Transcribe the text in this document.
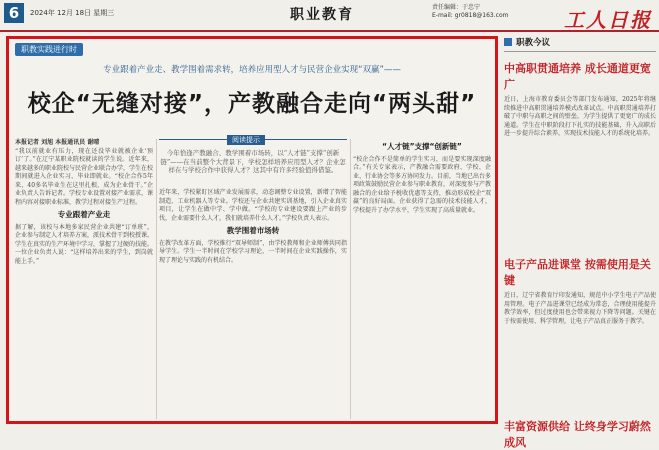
6	2024年 12月 18日 星期三	职业教育	责任编辑：于忠宁
E-mail: gr0818@163.com	工人日报
职教实践进行时
专业跟着产业走、教学围着需求转，培养应用型人才与民营企业实现“双赢”——
校企“无缝对接”，产教融合走向“两头甜”
阅读提示
今年恰逢产教融合、教学围着市场转，以“人才链”支撑“创新链”——在当前整个大背景下，学校怎样培养应用型人才？企业怎样在与学校合作中获得人才？这其中有许多经验值得借鉴。
本报记者 刘旭 本报通讯员 谢晴
“我以前就业有压力，现在还没毕业就被企业‘预订’了。”在辽宁某职业院校就读的学生说。近年来，越来越多的职业院校与民营企业联合办学，学生在校期间就进入企业实习，毕业即就业。“校企合作5年来，40多名毕业生在这里扎根，成为企业骨干。”企业负责人告诉记者。学校专业设置对接产业需求，课程内容对接职业标准，教学过程对接生产过程。
专业跟着产业走
据了解，该校与本地多家民营企业共建“订单班”，企业参与制定人才培养方案，派技术骨干到校授课。学生在真实的生产环境中学习，掌握了过硬的技能。一位企业负责人说：“这样培养出来的学生，到岗就能上手。”
近年来，学校紧盯区域产业发展需求，动态调整专业设置，新增了智能制造、工业机器人等专业。学校还与企业共建实训基地，引入企业真实项目，让学生在做中学、学中做。“学校的专业建设要跟上产业的步伐，企业需要什么人才，我们就培养什么人才。”学校负责人表示。
教学围着市场转
在教学改革方面，学校推行“双导师制”，由学校教师和企业师傅共同指导学生。学生一半时间在学校学习理论，一半时间在企业实践操作，实现了理论与实践的有机结合。
“人才链”支撑“创新链”
“校企合作不是简单的学生实习，而是要实现深度融合。”有关专家表示，产教融合需要政府、学校、企业、行业协会等多方协同发力。目前，当地已出台多项政策鼓励民营企业参与职业教育，对深度参与产教融合的企业给予税收优惠等支持，推动形成校企“双赢”的良好局面。企业获得了急需的技术技能人才，学校提升了办学水平，学生实现了高质量就业。
职教今议
中高职贯通培养 成长通道更宽广
近日，上海市教育委员会等部门发布通知，2025年将继续推进中高职贯通培养模式改革试点。中高职贯通培养打破了中职与高职之间的壁垒，为学生提供了更宽广的成长通道。学生在中职阶段打下扎实的技能基础，升入高职后进一步提升综合素养，实现技术技能人才的系统化培养。
电子产品进课堂 按需使用是关键
近日，辽宁省教育厅印发通知，规范中小学生电子产品使用管理。电子产品进课堂已经成为常态，合理使用能提升教学效率，但过度使用也会带来视力下降等问题。关键在于按需使用、科学管理，让电子产品真正服务于教学。
丰富资源供给 让终身学习蔚然成风
